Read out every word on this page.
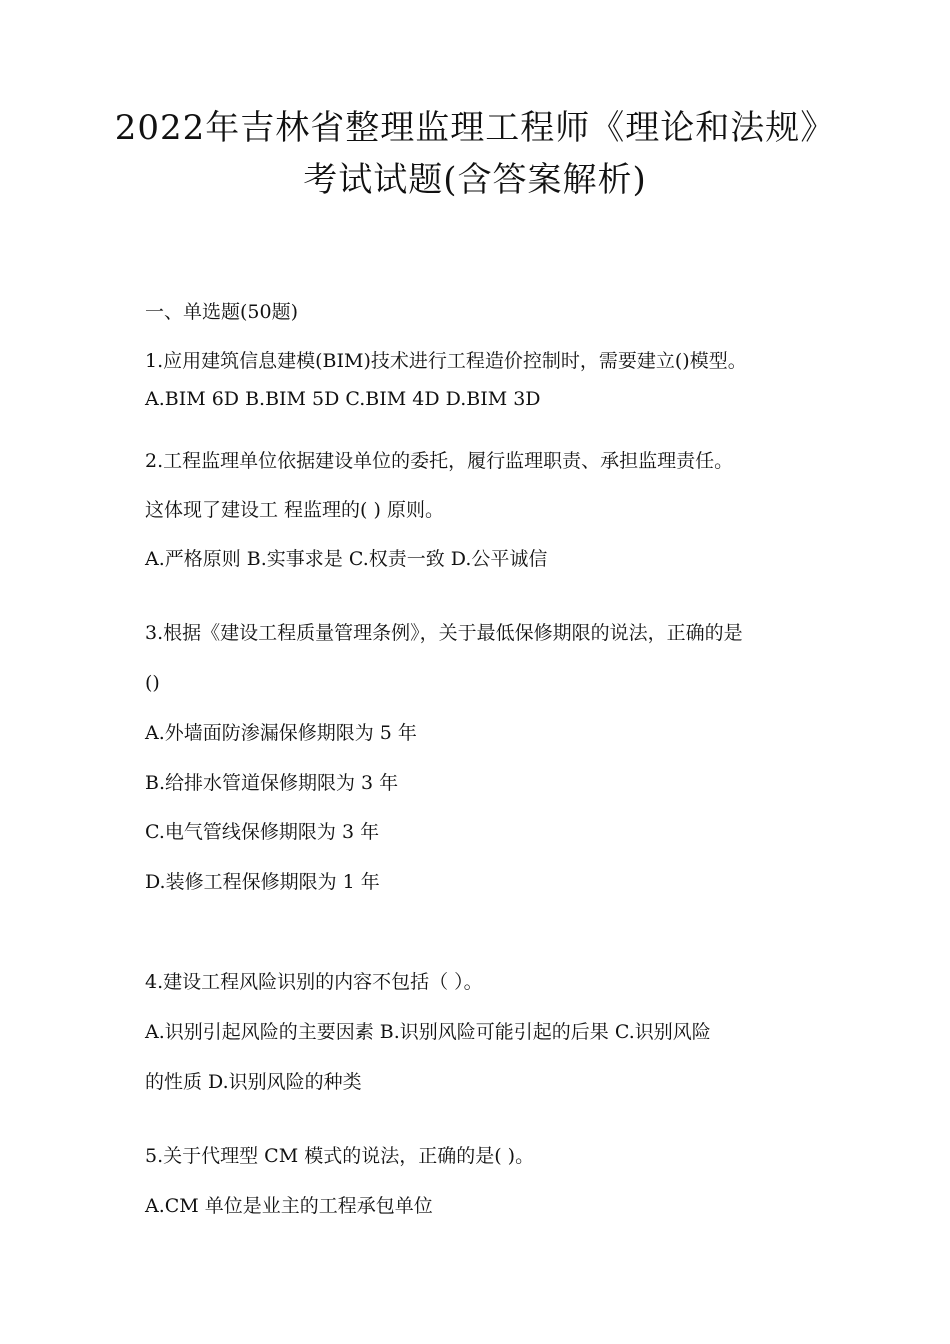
2022年吉林省整理监理工程师《理论和法规》
考试试题(含答案解析)
一、单选题(50题)
1.应用建筑信息建模(BIM)技术进行工程造价控制时，需要建立()模型。
A.BIM 6D B.BIM 5D C.BIM 4D D.BIM 3D
2.工程监理单位依据建设单位的委托，履行监理职责、承担监理责任。
这体现了建设工 程监理的( ) 原则。
A.严格原则 B.实事求是 C.权责一致 D.公平诚信
3.根据《建设工程质量管理条例》，关于最低保修期限的说法，正确的是
()
A.外墙面防渗漏保修期限为 5 年
B.给排水管道保修期限为 3 年
C.电气管线保修期限为 3 年
D.装修工程保修期限为 1 年
4.建设工程风险识别的内容不包括（ ）。
A.识别引起风险的主要因素 B.识别风险可能引起的后果 C.识别风险
的性质 D.识别风险的种类
5.关于代理型 CM 模式的说法，正确的是( )。
A.CM 单位是业主的工程承包单位
